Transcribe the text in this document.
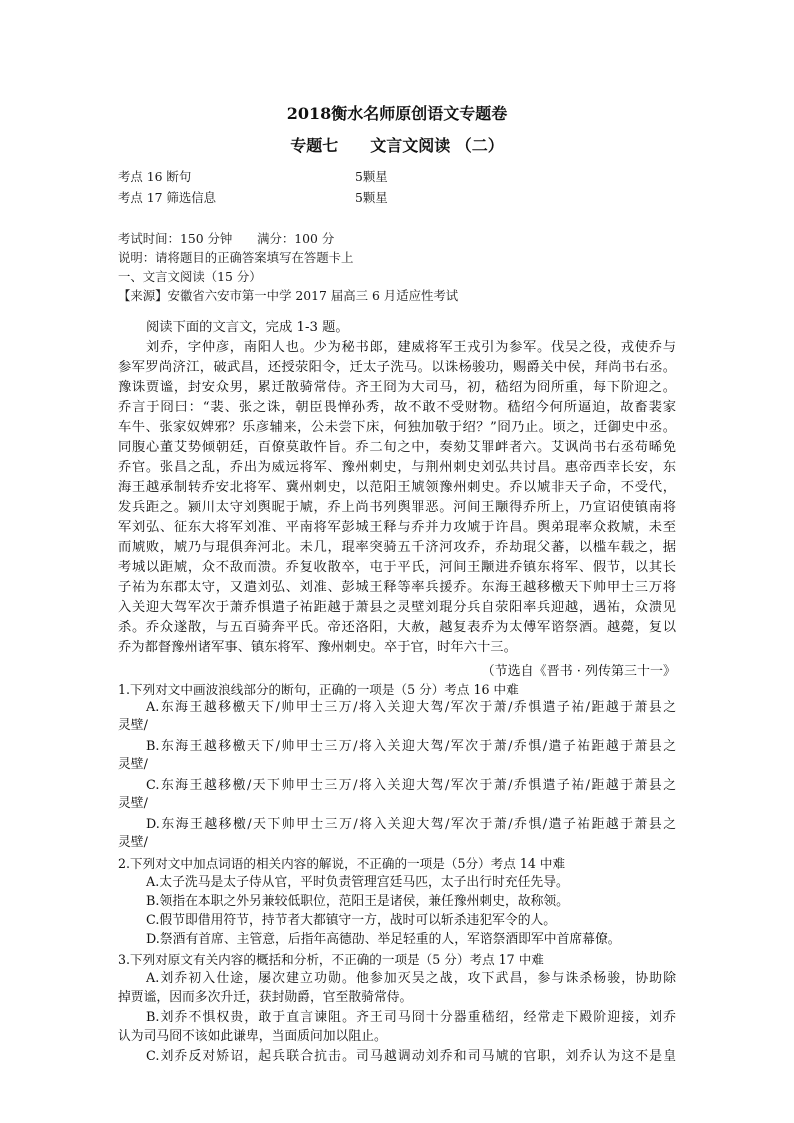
2018衡水名师原创语文专题卷
专题七　　文言文阅读 （二）
考点 16 断句	5颗星
考点 17 筛选信息	5颗星
考试时间：150 分钟　　满分：100 分
说明：请将题目的正确答案填写在答题卡上
一、文言文阅读（15 分）
【来源】安徽省六安市第一中学 2017 届高三 6 月适应性考试
阅读下面的文言文，完成 1-3 题。
刘乔，字仲彦，南阳人也。少为秘书郎，建威将军王戎引为参军。伐吴之役，戎使乔与
参军罗尚济江，破武昌，还授荥阳令，迁太子洗马。以诛杨骏功，赐爵关中侯，拜尚书右丞。
豫诛贾谧，封安众男，累迁散骑常侍。齐王冏为大司马，初，嵇绍为冏所重，每下阶迎之。
乔言于冏曰：“裴、张之诛，朝臣畏惮孙秀，故不敢不受财物。嵇绍今何所逼迫，故畜裴家
车牛、张家奴婢邪？乐彦辅来，公未尝下床，何独加敬于绍？”冏乃止。顷之，迁御史中丞。
同腹心董艾势倾朝廷，百僚莫敢忤旨。乔二旬之中，奏劾艾罪衅者六。艾讽尚书右丞苟晞免
乔官。张昌之乱，乔出为威远将军、豫州刺史，与荆州刺史刘弘共讨昌。惠帝西幸长安，东
海王越承制转乔安北将军、冀州刺史，以范阳王虓领豫州刺史。乔以虓非天子命，不受代，
发兵距之。颍川太守刘舆昵于虓，乔上尚书列舆罪恶。河间王颙得乔所上，乃宣诏使镇南将
军刘弘、征东大将军刘准、平南将军彭城王释与乔并力攻虓于许昌。舆弟琨率众救虓，未至
而虓败，虓乃与琨俱奔河北。未几，琨率突骑五千济河攻乔，乔劫琨父蕃，以槛车载之，据
考城以距虓，众不敌而溃。乔复收散卒，屯于平氏，河间王颙进乔镇东将军、假节，以其长
子祐为东郡太守，又遣刘弘、刘准、彭城王释等率兵援乔。东海王越移檄天下帅甲士三万将
入关迎大驾军次于萧乔惧遣子祐距越于萧县之灵壁刘琨分兵自荥阳率兵迎越，遇祐，众溃见
杀。乔众遂散，与五百骑奔平氏。帝还洛阳，大赦，越复表乔为太傅军谘祭酒。越薨，复以
乔为都督豫州诸军事、镇东将军、豫州刺史。卒于官，时年六十三。
（节选自《晋书 · 列传第三十一》
1.下列对文中画波浪线部分的断句，正确的一项是（5 分）考点 16 中难
A.东海王越移檄天下/帅甲士三万/将入关迎大驾/军次于萧/乔惧遣子祐/距越于萧县之
灵壁/
B.东海王越移檄天下/帅甲士三万/将入关迎大驾/军次于萧/乔惧/遣子祐距越于萧县之
灵壁/
C.东海王越移檄/天下帅甲士三万/将入关迎大驾/军次于萧/乔惧遣子祐/距越于萧县之
灵壁/
D.东海王越移檄/天下帅甲士三万/将入关迎大驾/军次于萧/乔惧/遣子祐距越于萧县之
灵壁/
2.下列对文中加点词语的相关内容的解说，不正确的一项是（5分）考点 14 中难
A.太子洗马是太子侍从官，平时负责管理宫廷马匹，太子出行时充任先导。
B.领指在本职之外另兼较低职位，范阳王是诸侯，兼任豫州刺史，故称领。
C.假节即借用符节，持节者大都镇守一方，战时可以斩杀违犯军令的人。
D.祭酒有首席、主管意，后指年高德劭、举足轻重的人，军谘祭酒即军中首席幕僚。
3.下列对原文有关内容的概括和分析，不正确的一项是（5 分）考点 17 中难
A.刘乔初入仕途，屡次建立功勋。他参加灭吴之战，攻下武昌，参与诛杀杨骏，协助除
掉贾谧，因而多次升迁，获封勋爵，官至散骑常侍。
B.刘乔不惧权贵，敢于直言谏阻。齐王司马冏十分器重嵇绍，经常走下殿阶迎接，刘乔
认为司马冏不该如此谦卑，当面质问加以阻止。
C.刘乔反对矫诏，起兵联合抗击。司马越调动刘乔和司马虓的官职，刘乔认为这不是皇
